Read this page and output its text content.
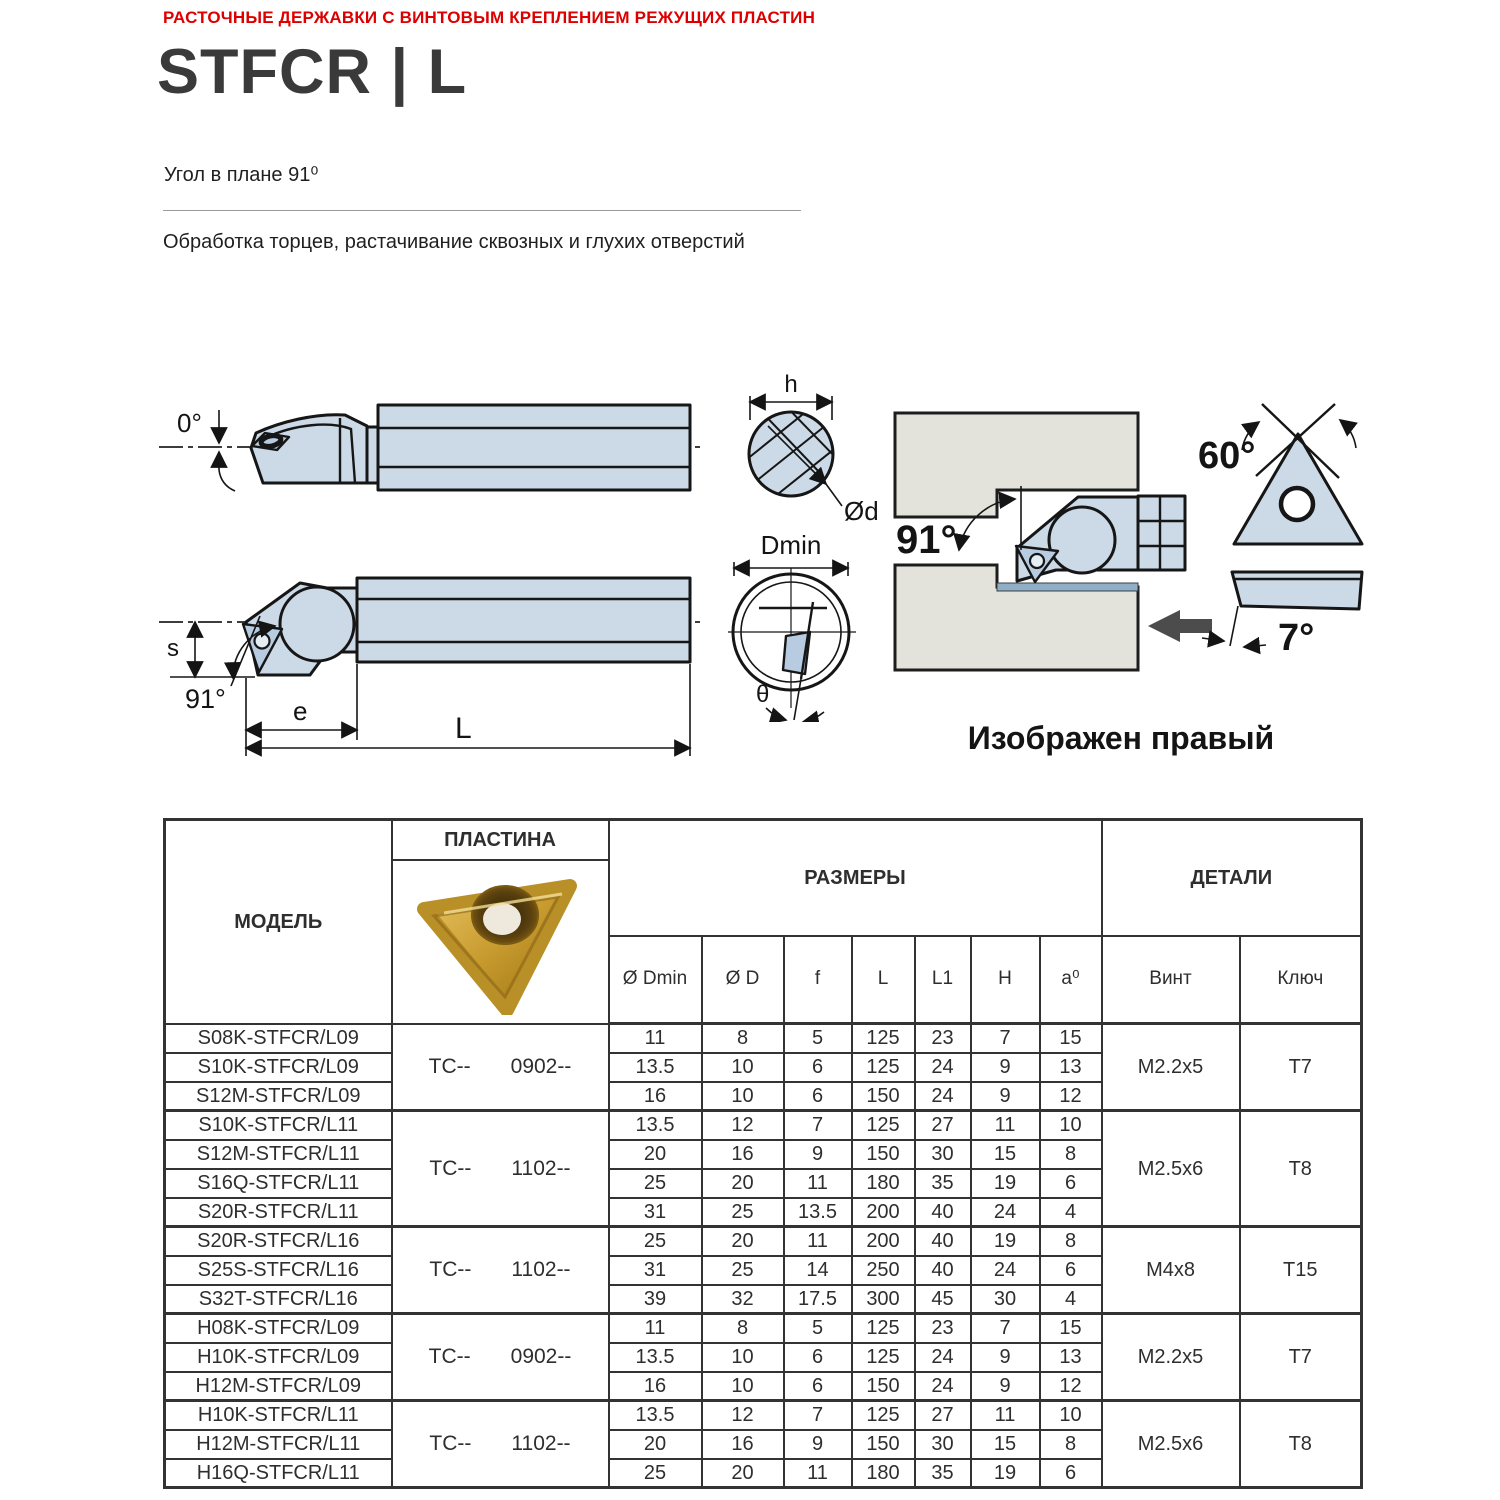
РАСТОЧНЫЕ ДЕРЖАВКИ С ВИНТОВЫМ КРЕПЛЕНИЕМ РЕЖУЩИХ ПЛАСТИН
STFCR | L
Угол в плане 91⁰
Обработка торцев, растачивание сквозных и глухих отверстий
0°
s
91°	e
L
h
Ød
Dmin
θ
91°
Изображен правый
60°
7°
МОДЕЛЬ	ПЛАСТИНА	РАЗМЕРЫ							ДЕТАЛИ	

		Ø Dmin	Ø D	f	L	L1	H	a⁰	Винт	Ключ
S08K-STFCR/L09	TC-- 0902--	11	8	5	125	23	7	15	M2.2x5	T7
S10K-STFCR/L09		13.5	10	6	125	24	9	13		
S12M-STFCR/L09		16	10	6	150	24	9	12		
S10K-STFCR/L11	TC-- 1102--	13.5	12	7	125	27	11	10	M2.5x6	T8
S12M-STFCR/L11		20	16	9	150	30	15	8		
S16Q-STFCR/L11		25	20	11	180	35	19	6		
S20R-STFCR/L11		31	25	13.5	200	40	24	4		
S20R-STFCR/L16	TC-- 1102--	25	20	11	200	40	19	8	M4x8	T15
S25S-STFCR/L16		31	25	14	250	40	24	6		
S32T-STFCR/L16		39	32	17.5	300	45	30	4		
H08K-STFCR/L09	TC-- 0902--	11	8	5	125	23	7	15	M2.2x5	T7
H10K-STFCR/L09		13.5	10	6	125	24	9	13		
H12M-STFCR/L09		16	10	6	150	24	9	12		
H10K-STFCR/L11	TC-- 1102--	13.5	12	7	125	27	11	10	M2.5x6	T8
H12M-STFCR/L11		20	16	9	150	30	15	8		
H16Q-STFCR/L11		25	20	11	180	35	19	6		
